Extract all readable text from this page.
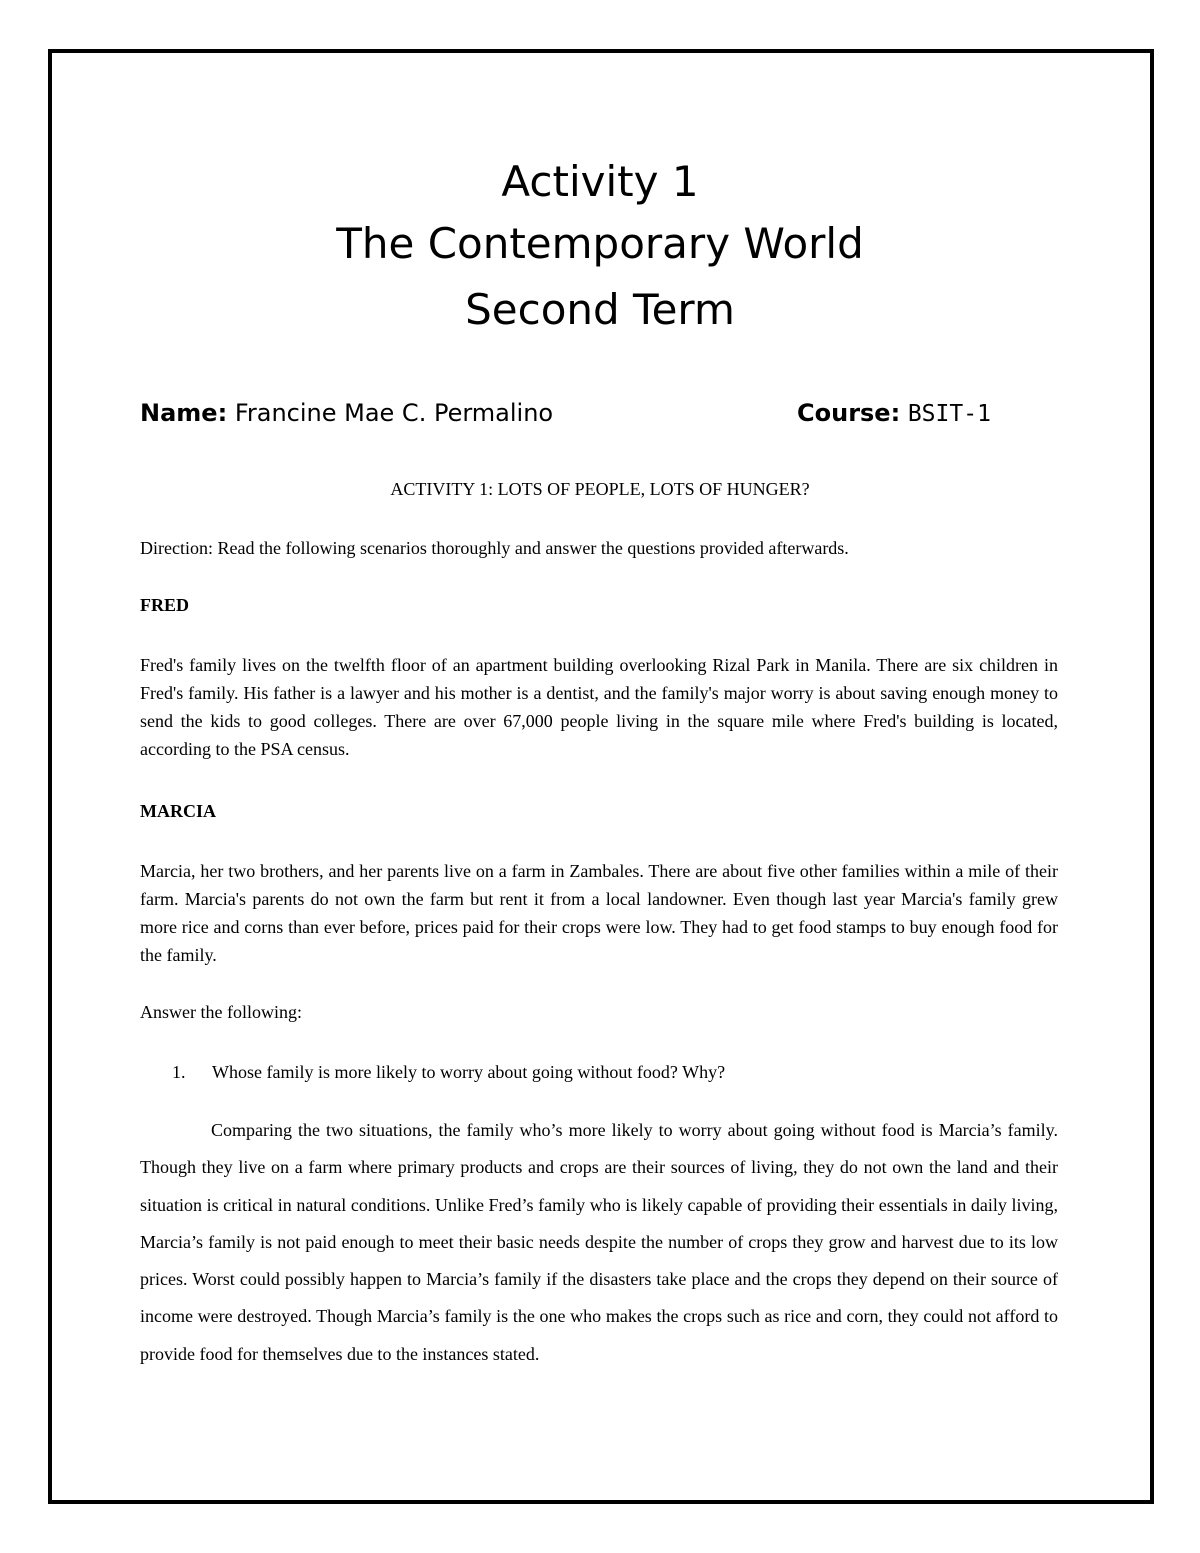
Activity 1
The Contemporary World
Second Term
Name: Francine Mae C. Permalino	Course: BSIT-1
ACTIVITY 1: LOTS OF PEOPLE, LOTS OF HUNGER?
Direction: Read the following scenarios thoroughly and answer the questions provided afterwards.
FRED
Fred's family lives on the twelfth floor of an apartment building overlooking Rizal Park in Manila. There are six children in Fred's family. His father is a lawyer and his mother is a dentist, and the family's major worry is about saving enough money to send the kids to good colleges. There are over 67,000 people living in the square mile where Fred's building is located, according to the PSA census.
MARCIA
Marcia, her two brothers, and her parents live on a farm in Zambales. There are about five other families within a mile of their farm. Marcia's parents do not own the farm but rent it from a local landowner. Even though last year Marcia's family grew more rice and corns than ever before, prices paid for their crops were low. They had to get food stamps to buy enough food for the family.
Answer the following:
1. Whose family is more likely to worry about going without food? Why?
Comparing the two situations, the family who’s more likely to worry about going without food is Marcia’s family. Though they live on a farm where primary products and crops are their sources of living, they do not own the land and their situation is critical in natural conditions. Unlike Fred’s family who is likely capable of providing their essentials in daily living, Marcia’s family is not paid enough to meet their basic needs despite the number of crops they grow and harvest due to its low prices. Worst could possibly happen to Marcia’s family if the disasters take place and the crops they depend on their source of income were destroyed. Though Marcia’s family is the one who makes the crops such as rice and corn, they could not afford to provide food for themselves due to the instances stated.
